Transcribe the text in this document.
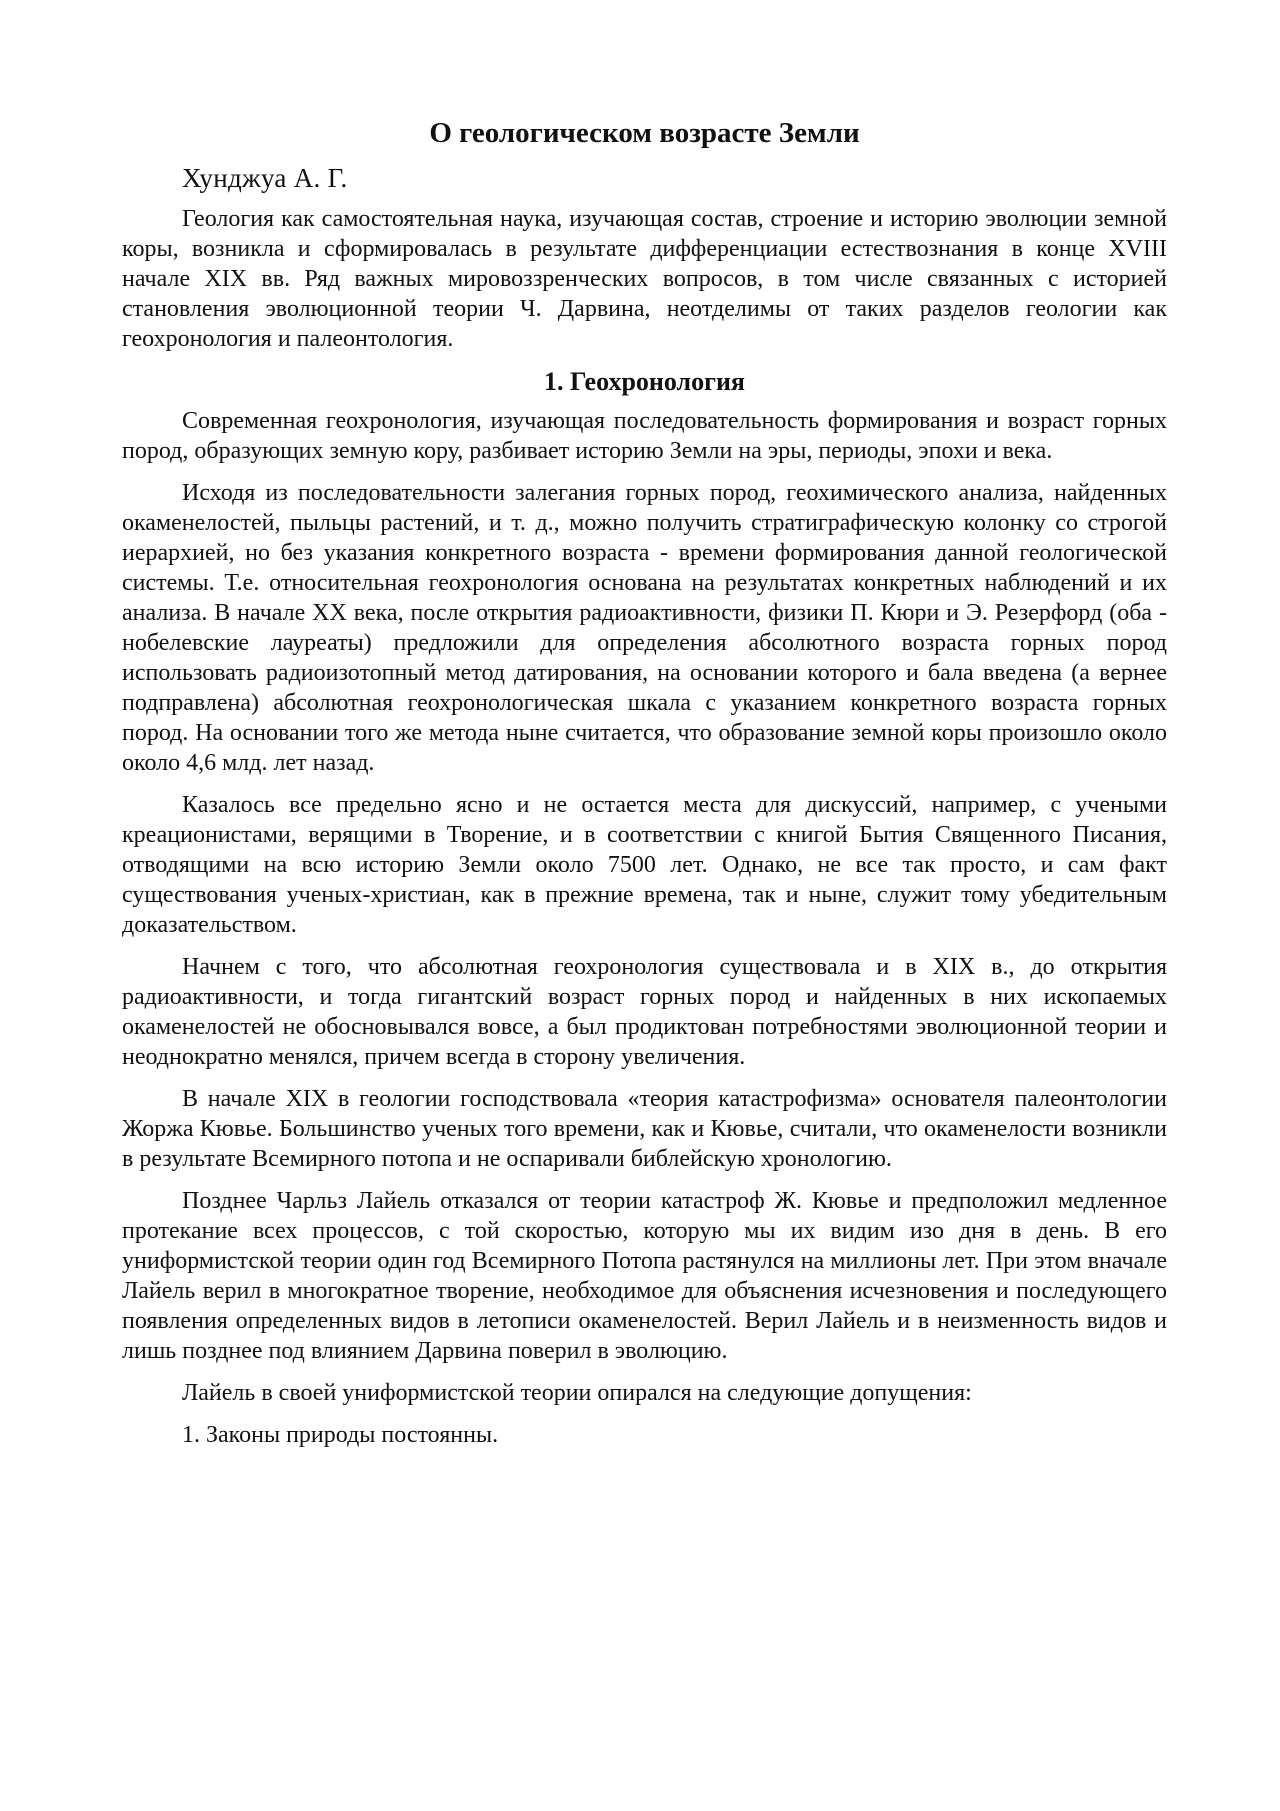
О геологическом возрасте Земли
Хунджуа А. Г.

Геология как самостоятельная наука, изучающая состав, строение и историю эволюции земной коры, возникла и сформировалась в результате дифференциации естествознания в конце XVIII начале XIX вв. Ряд важных мировоззренческих вопросов, в том числе связанных с историей становления эволюционной теории Ч. Дарвина, неотделимы от таких разделов геологии как геохронология и палеонтология.

1. Геохронология

Современная геохронология, изучающая последовательность формирования и возраст горных пород, образующих земную кору, разбивает историю Земли на эры, периоды, эпохи и века.

Исходя из последовательности залегания горных пород, геохимического анализа, найденных окаменелостей, пыльцы растений, и т. д., можно получить стратиграфическую колонку со строгой иерархией, но без указания конкретного возраста - времени формирования данной геологической системы. Т.е. относительная геохронология основана на результатах конкретных наблюдений и их анализа. В начале XX века, после открытия радиоактивности, физики П. Кюри и Э. Резерфорд (оба - нобелевские лауреаты) предложили для определения абсолютного возраста горных пород использовать радиоизотопный метод датирования, на основании которого и бала введена (а вернее подправлена) абсолютная геохронологическая шкала с указанием конкретного возраста горных пород. На основании того же метода ныне считается, что образование земной коры произошло около около 4,6 млд. лет назад.

Казалось все предельно ясно и не остается места для дискуссий, например, с учеными креационистами, верящими в Творение, и в соответствии с книгой Бытия Священного Писания, отводящими на всю историю Земли около 7500 лет. Однако, не все так просто, и сам факт существования ученых-христиан, как в прежние времена, так и ныне, служит тому убедительным доказательством.

Начнем с того, что абсолютная геохронология существовала и в XIX в., до открытия радиоактивности, и тогда гигантский возраст горных пород и найденных в них ископаемых окаменелостей не обосновывался вовсе, а был продиктован потребностями эволюционной теории и неоднократно менялся, причем всегда в сторону увеличения.

В начале XIX в геологии господствовала «теория катастрофизма» основателя палеонтологии Жоржа Кювье. Большинство ученых того времени, как и Кювье, считали, что окаменелости возникли в результате Всемирного потопа и не оспаривали библейскую хронологию.

Позднее Чарльз Лайель отказался от теории катастроф Ж. Кювье и предположил медленное протекание всех процессов, с той скоростью, которую мы их видим изо дня в день. В его униформистской теории один год Всемирного Потопа растянулся на миллионы лет. При этом вначале Лайель верил в многократное творение, необходимое для объяснения исчезновения и последующего появления определенных видов в летописи окаменелостей. Верил Лайель и в неизменность видов и лишь позднее под влиянием Дарвина поверил в эволюцию.

Лайель в своей униформистской теории опирался на следующие допущения:

1. Законы природы постоянны.
